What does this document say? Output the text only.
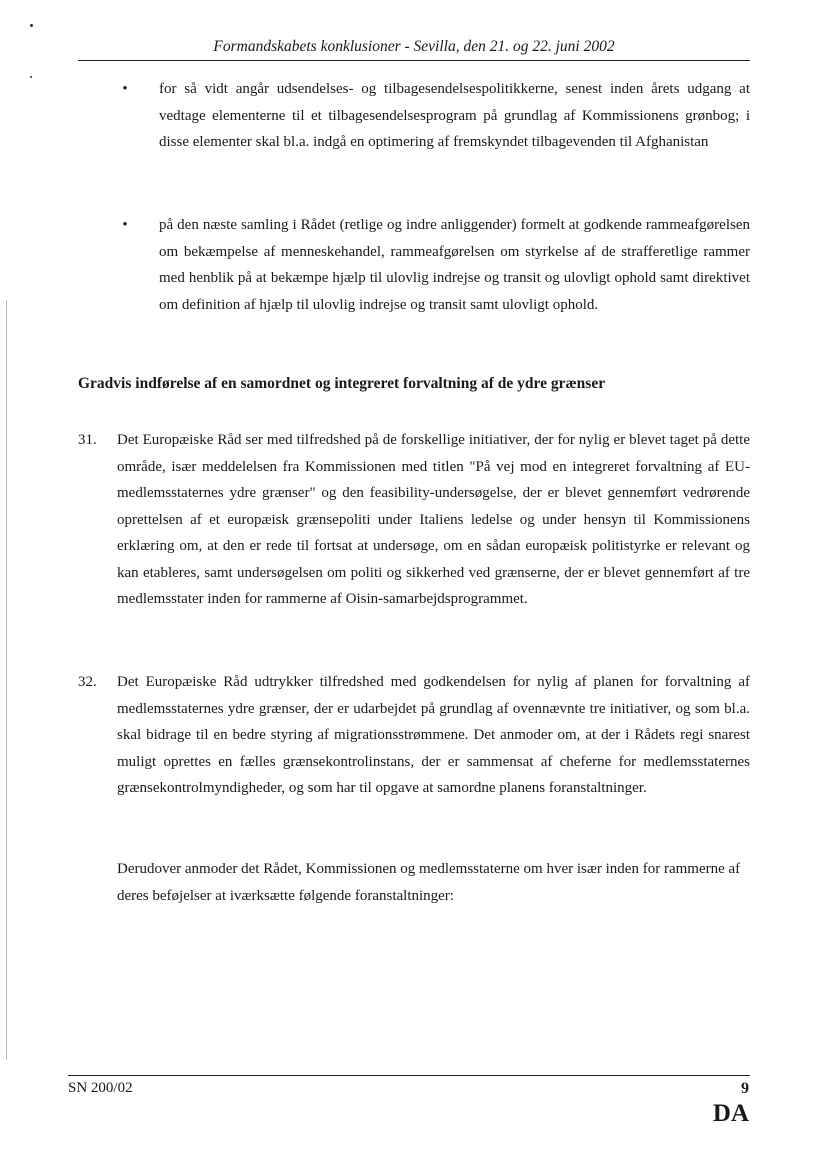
Formandskabets konklusioner - Sevilla, den 21. og 22. juni 2002
• for så vidt angår udsendelses- og tilbagesendelsespolitikkerne, senest inden årets udgang at vedtage elementerne til et tilbagesendelsesprogram på grundlag af Kommissionens grønbog; i disse elementer skal bl.a. indgå en optimering af fremskyndet tilbagevenden til Afghanistan
• på den næste samling i Rådet (retlige og indre anliggender) formelt at godkende rammeafgørelsen om bekæmpelse af menneskehandel, rammeafgørelsen om styrkelse af de strafferetlige rammer med henblik på at bekæmpe hjælp til ulovlig indrejse og transit og ulovligt ophold samt direktivet om definition af hjælp til ulovlig indrejse og transit samt ulovligt ophold.
Gradvis indførelse af en samordnet og integreret forvaltning af de ydre grænser
31. Det Europæiske Råd ser med tilfredshed på de forskellige initiativer, der for nylig er blevet taget på dette område, især meddelelsen fra Kommissionen med titlen "På vej mod en integreret forvaltning af EU-medlemsstaternes ydre grænser" og den feasibility-undersøgelse, der er blevet gennemført vedrørende oprettelsen af et europæisk grænsepoliti under Italiens ledelse og under hensyn til Kommissionens erklæring om, at den er rede til fortsat at undersøge, om en sådan europæisk politistyrke er relevant og kan etableres, samt undersøgelsen om politi og sikkerhed ved grænserne, der er blevet gennemført af tre medlemsstater inden for rammerne af Oisin-samarbejdsprogrammet.
32. Det Europæiske Råd udtrykker tilfredshed med godkendelsen for nylig af planen for forvaltning af medlemsstaternes ydre grænser, der er udarbejdet på grundlag af ovennævnte tre initiativer, og som bl.a. skal bidrage til en bedre styring af migrationsstrømmene. Det anmoder om, at der i Rådets regi snarest muligt oprettes en fælles grænsekontrolinstans, der er sammensat af cheferne for medlemsstaternes grænsekontrolmyndigheder, og som har til opgave at samordne planens foranstaltninger.
Derudover anmoder det Rådet, Kommissionen og medlemsstaterne om hver især inden for rammerne af deres beføjelser at iværksætte følgende foranstaltninger:
SN 200/02	9
DA
